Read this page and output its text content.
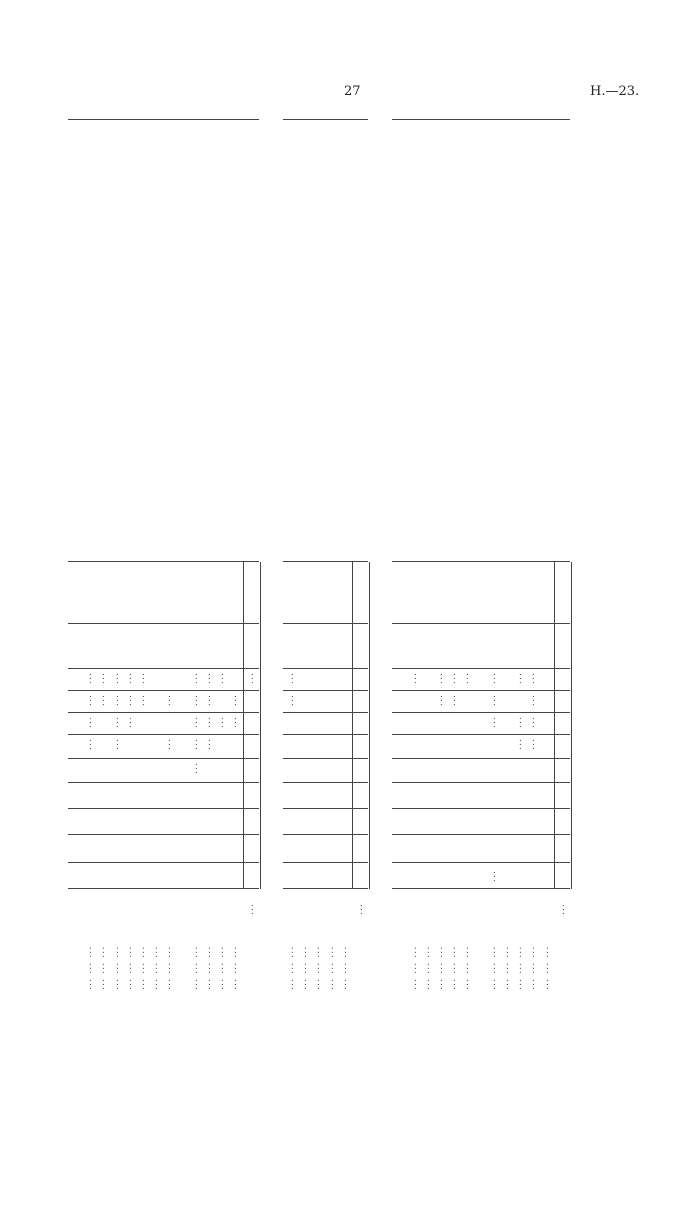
27	H.—23.
... ... ...
...
...
...
...
... ... ...
...
...
... ... ...
...
...
...
...
... ... ...
...
...
...
... ... ...
...
...
... ... ... ... ... ...
...
...
... ... ...
...
...
...
...
...
... ... ...
...
...
...
...
... ... ...
...
...
... ... ...
...
...
...
...
... ... ...
...
...
... ... ... ... ... ... ... ... ... ... ... ...
...
... ... ...
...
... ... ... ... ... ...
...
...
... ... ...
...
...
... ... ...
...
... ... ...
...
...
...
...
... ... ... ... ... ...
...
...
...
... ... ...
...
...
...
...
... ... ...
...
